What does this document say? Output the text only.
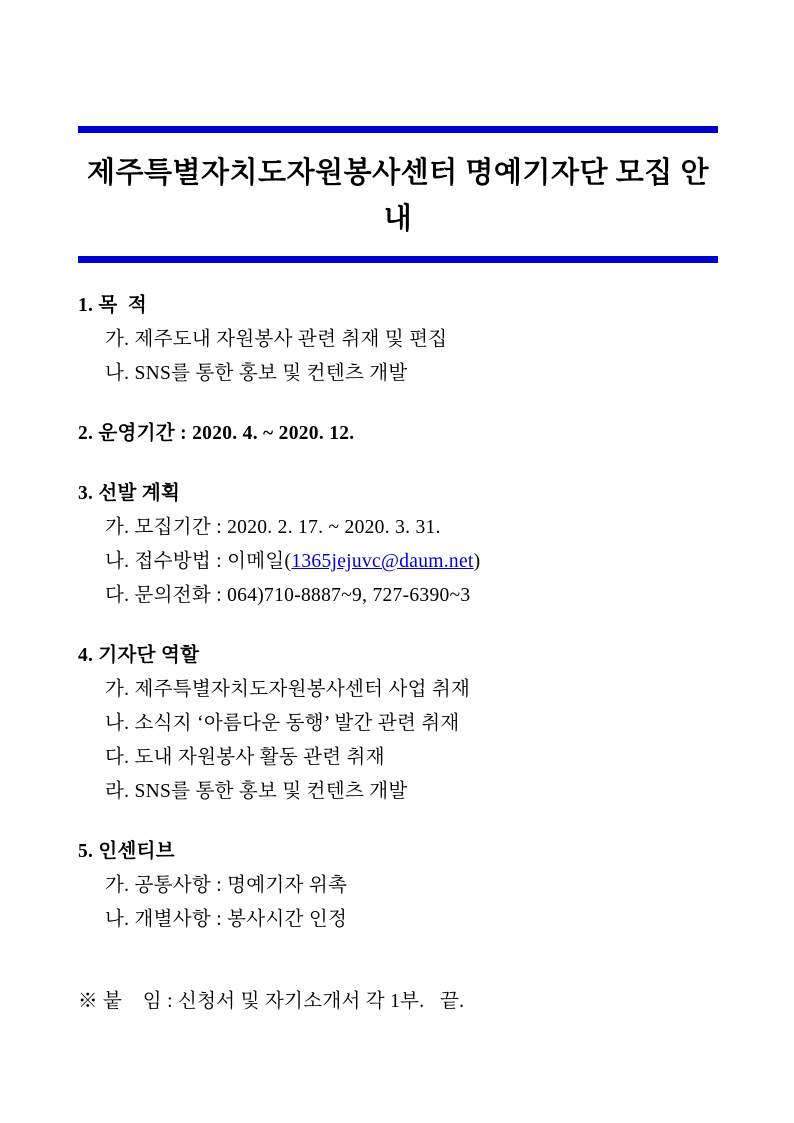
제주특별자치도자원봉사센터 명예기자단 모집 안내
1. 목  적
가. 제주도내 자원봉사 관련 취재 및 편집
나. SNS를 통한 홍보 및 컨텐츠 개발
2. 운영기간 : 2020. 4. ~ 2020. 12.
3. 선발 계획
가. 모집기간 : 2020. 2. 17. ~ 2020. 3. 31.
나. 접수방법 : 이메일(1365jejuvc@daum.net)
다. 문의전화 : 064)710-8887~9, 727-6390~3
4. 기자단 역할
가. 제주특별자치도자원봉사센터 사업 취재
나. 소식지 ‘아름다운 동행’ 발간 관련 취재
다. 도내 자원봉사 활동 관련 취재
라. SNS를 통한 홍보 및 컨텐츠 개발
5. 인센티브
가. 공통사항 : 명예기자 위촉
나. 개별사항 : 봉사시간 인정
※ 붙    임 : 신청서 및 자기소개서 각 1부.   끝.
